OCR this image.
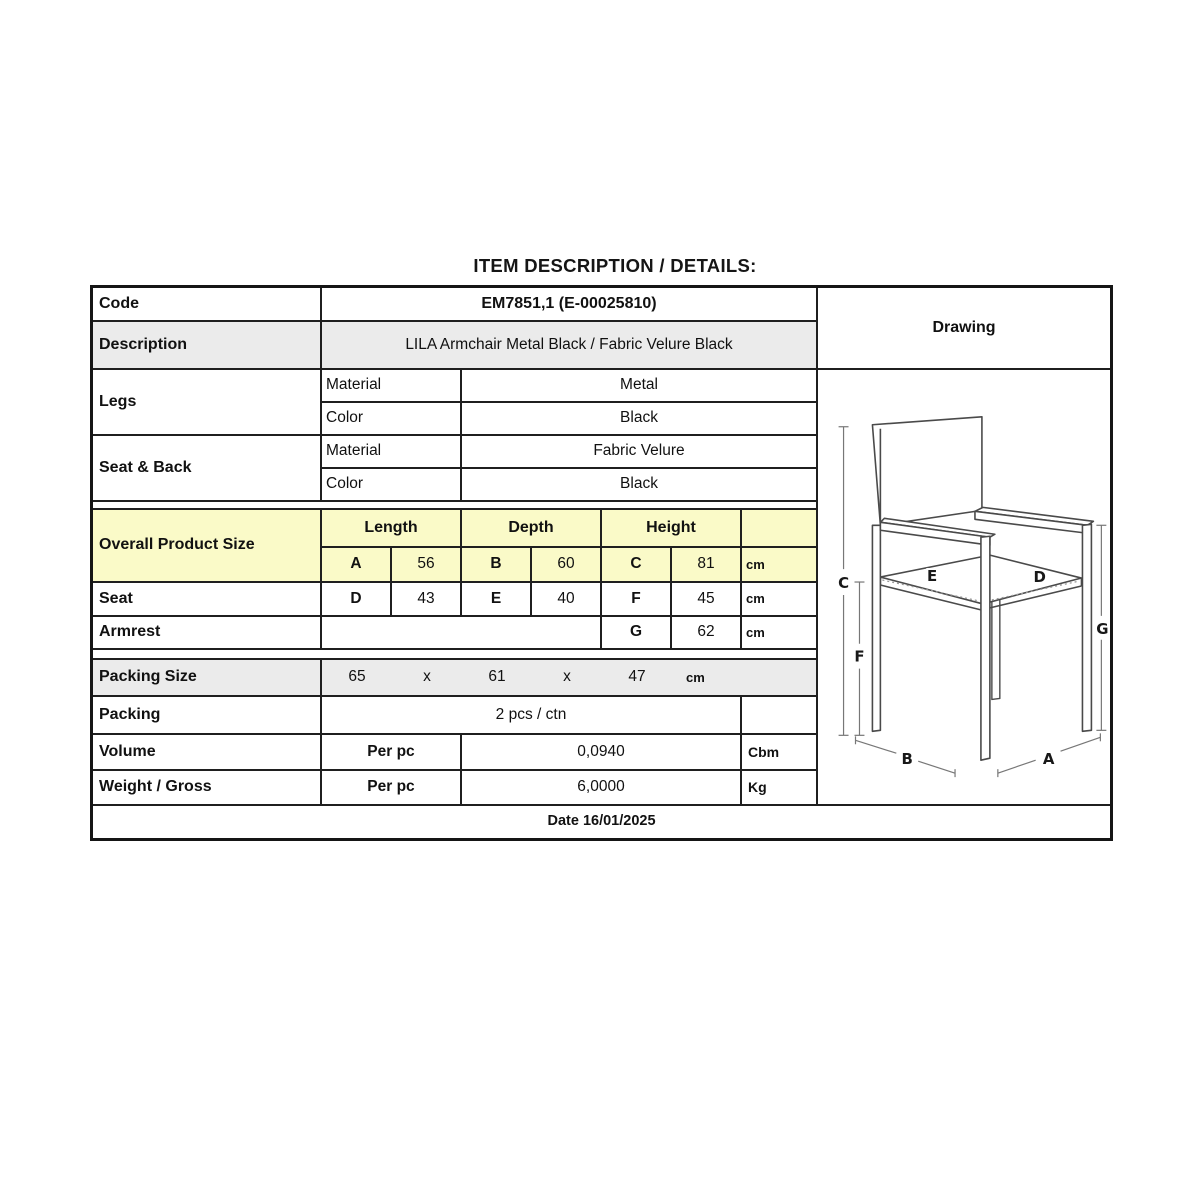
ITEM DESCRIPTION / DETAILS:
Code	EM7851,1 (E-00025810)
Drawing
Description	LILA Armchair Metal Black / Fabric Velure Black
Legs
Material	Metal
Color	Black
C
F
G
B	A
E	D
Seat & Back
Material	Fabric Velure
Color	Black
Overall Product Size
Length	Depth	Height
A	56	B	60	C	81	cm
Seat	D	43	E	40	F	45	cm
Armrest	G	62	cm
Packing Size	65	x	61	x	47	cm
Packing	2 pcs / ctn
Volume	Per pc	0,0940	Cbm
Weight / Gross	Per pc	6,0000	Kg
Date 16/01/2025
